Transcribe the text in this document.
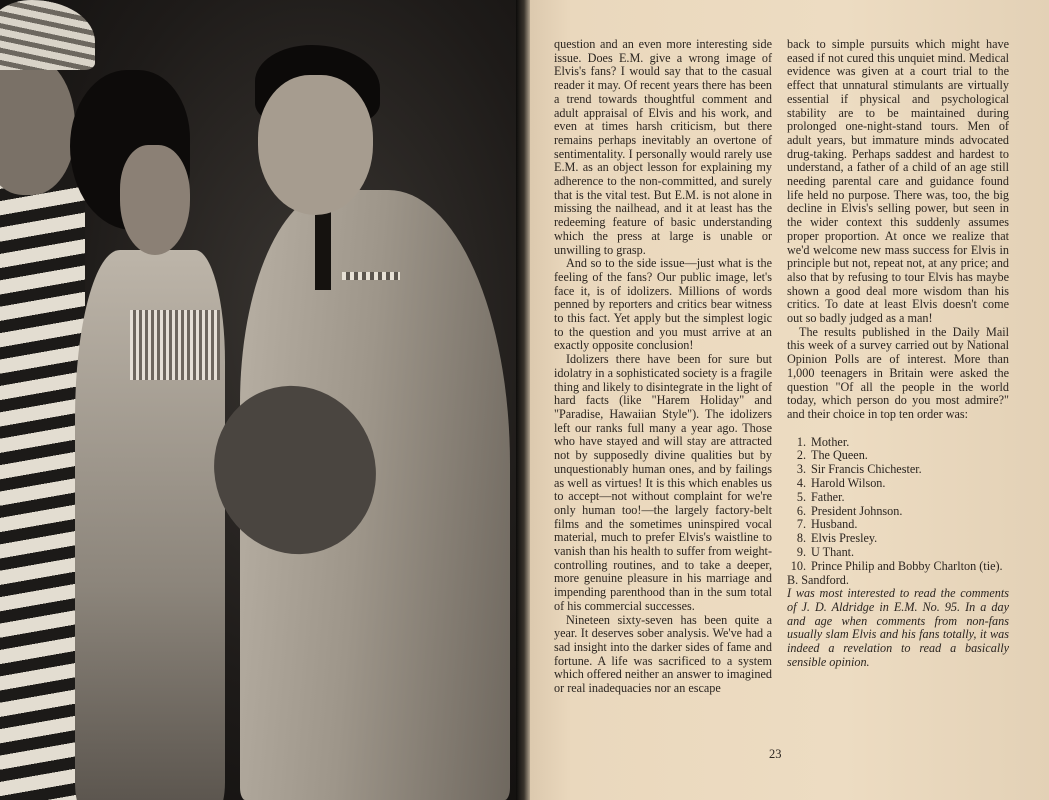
question and an even more interesting side issue. Does E.M. give a wrong image of Elvis's fans? I would say that to the casual reader it may. Of recent years there has been a trend towards thoughtful comment and adult appraisal of Elvis and his work, and even at times harsh criticism, but there remains perhaps inevitably an overtone of sentimentality. I personally would rarely use E.M. as an object lesson for explaining my adherence to the non-committed, and surely that is the vital test. But E.M. is not alone in missing the nailhead, and it at least has the redeeming feature of basic understanding which the press at large is unable or unwilling to grasp.

And so to the side issue—just what is the feeling of the fans? Our public image, let's face it, is of idolizers. Millions of words penned by reporters and critics bear witness to this fact. Yet apply but the simplest logic to the question and you must arrive at an exactly opposite conclusion!

Idolizers there have been for sure but idolatry in a sophisticated society is a fragile thing and likely to disintegrate in the light of hard facts (like "Harem Holiday" and "Paradise, Hawaiian Style"). The idolizers left our ranks full many a year ago. Those who have stayed and will stay are attracted not by supposedly divine qualities but by unquestionably human ones, and by failings as well as virtues! It is this which enables us to accept—not without complaint for we're only human too!—the largely factory-belt films and the sometimes uninspired vocal material, much to prefer Elvis's waistline to vanish than his health to suffer from weight-controlling routines, and to take a deeper, more genuine pleasure in his marriage and impending parenthood than in the sum total of his commercial successes.

Nineteen sixty-seven has been quite a year. It deserves sober analysis. We've had a sad insight into the darker sides of fame and fortune. A life was sacrificed to a system which offered neither an answer to imagined or real inadequacies nor an escape

back to simple pursuits which might have eased if not cured this unquiet mind. Medical evidence was given at a court trial to the effect that unnatural stimulants are virtually essential if physical and psychological stability are to be maintained during prolonged one-night-stand tours. Men of adult years, but immature minds advocated drug-taking. Perhaps saddest and hardest to understand, a father of a child of an age still needing parental care and guidance found life held no purpose. There was, too, the big decline in Elvis's selling power, but seen in the wider context this suddenly assumes proper proportion. At once we realize that we'd welcome new mass success for Elvis in principle but not, repeat not, at any price; and also that by refusing to tour Elvis has maybe shown a good deal more wisdom than his critics. To date at least Elvis doesn't come out so badly judged as a man!

The results published in the Daily Mail this week of a survey carried out by National Opinion Polls are of interest. More than 1,000 teenagers in Britain were asked the question "Of all the people in the world today, which person do you most admire?" and their choice in top ten order was:

1. Mother.
2. The Queen.
3. Sir Francis Chichester.
4. Harold Wilson.
5. Father.
6. President Johnson.
7. Husband.
8. Elvis Presley.
9. U Thant.
10. Prince Philip and Bobby Charlton (tie).

B. Sandford.

I was most interested to read the comments of J. D. Aldridge in E.M. No. 95. In a day and age when comments from non-fans usually slam Elvis and his fans totally, it was indeed a revelation to read a basically sensible opinion.

23
